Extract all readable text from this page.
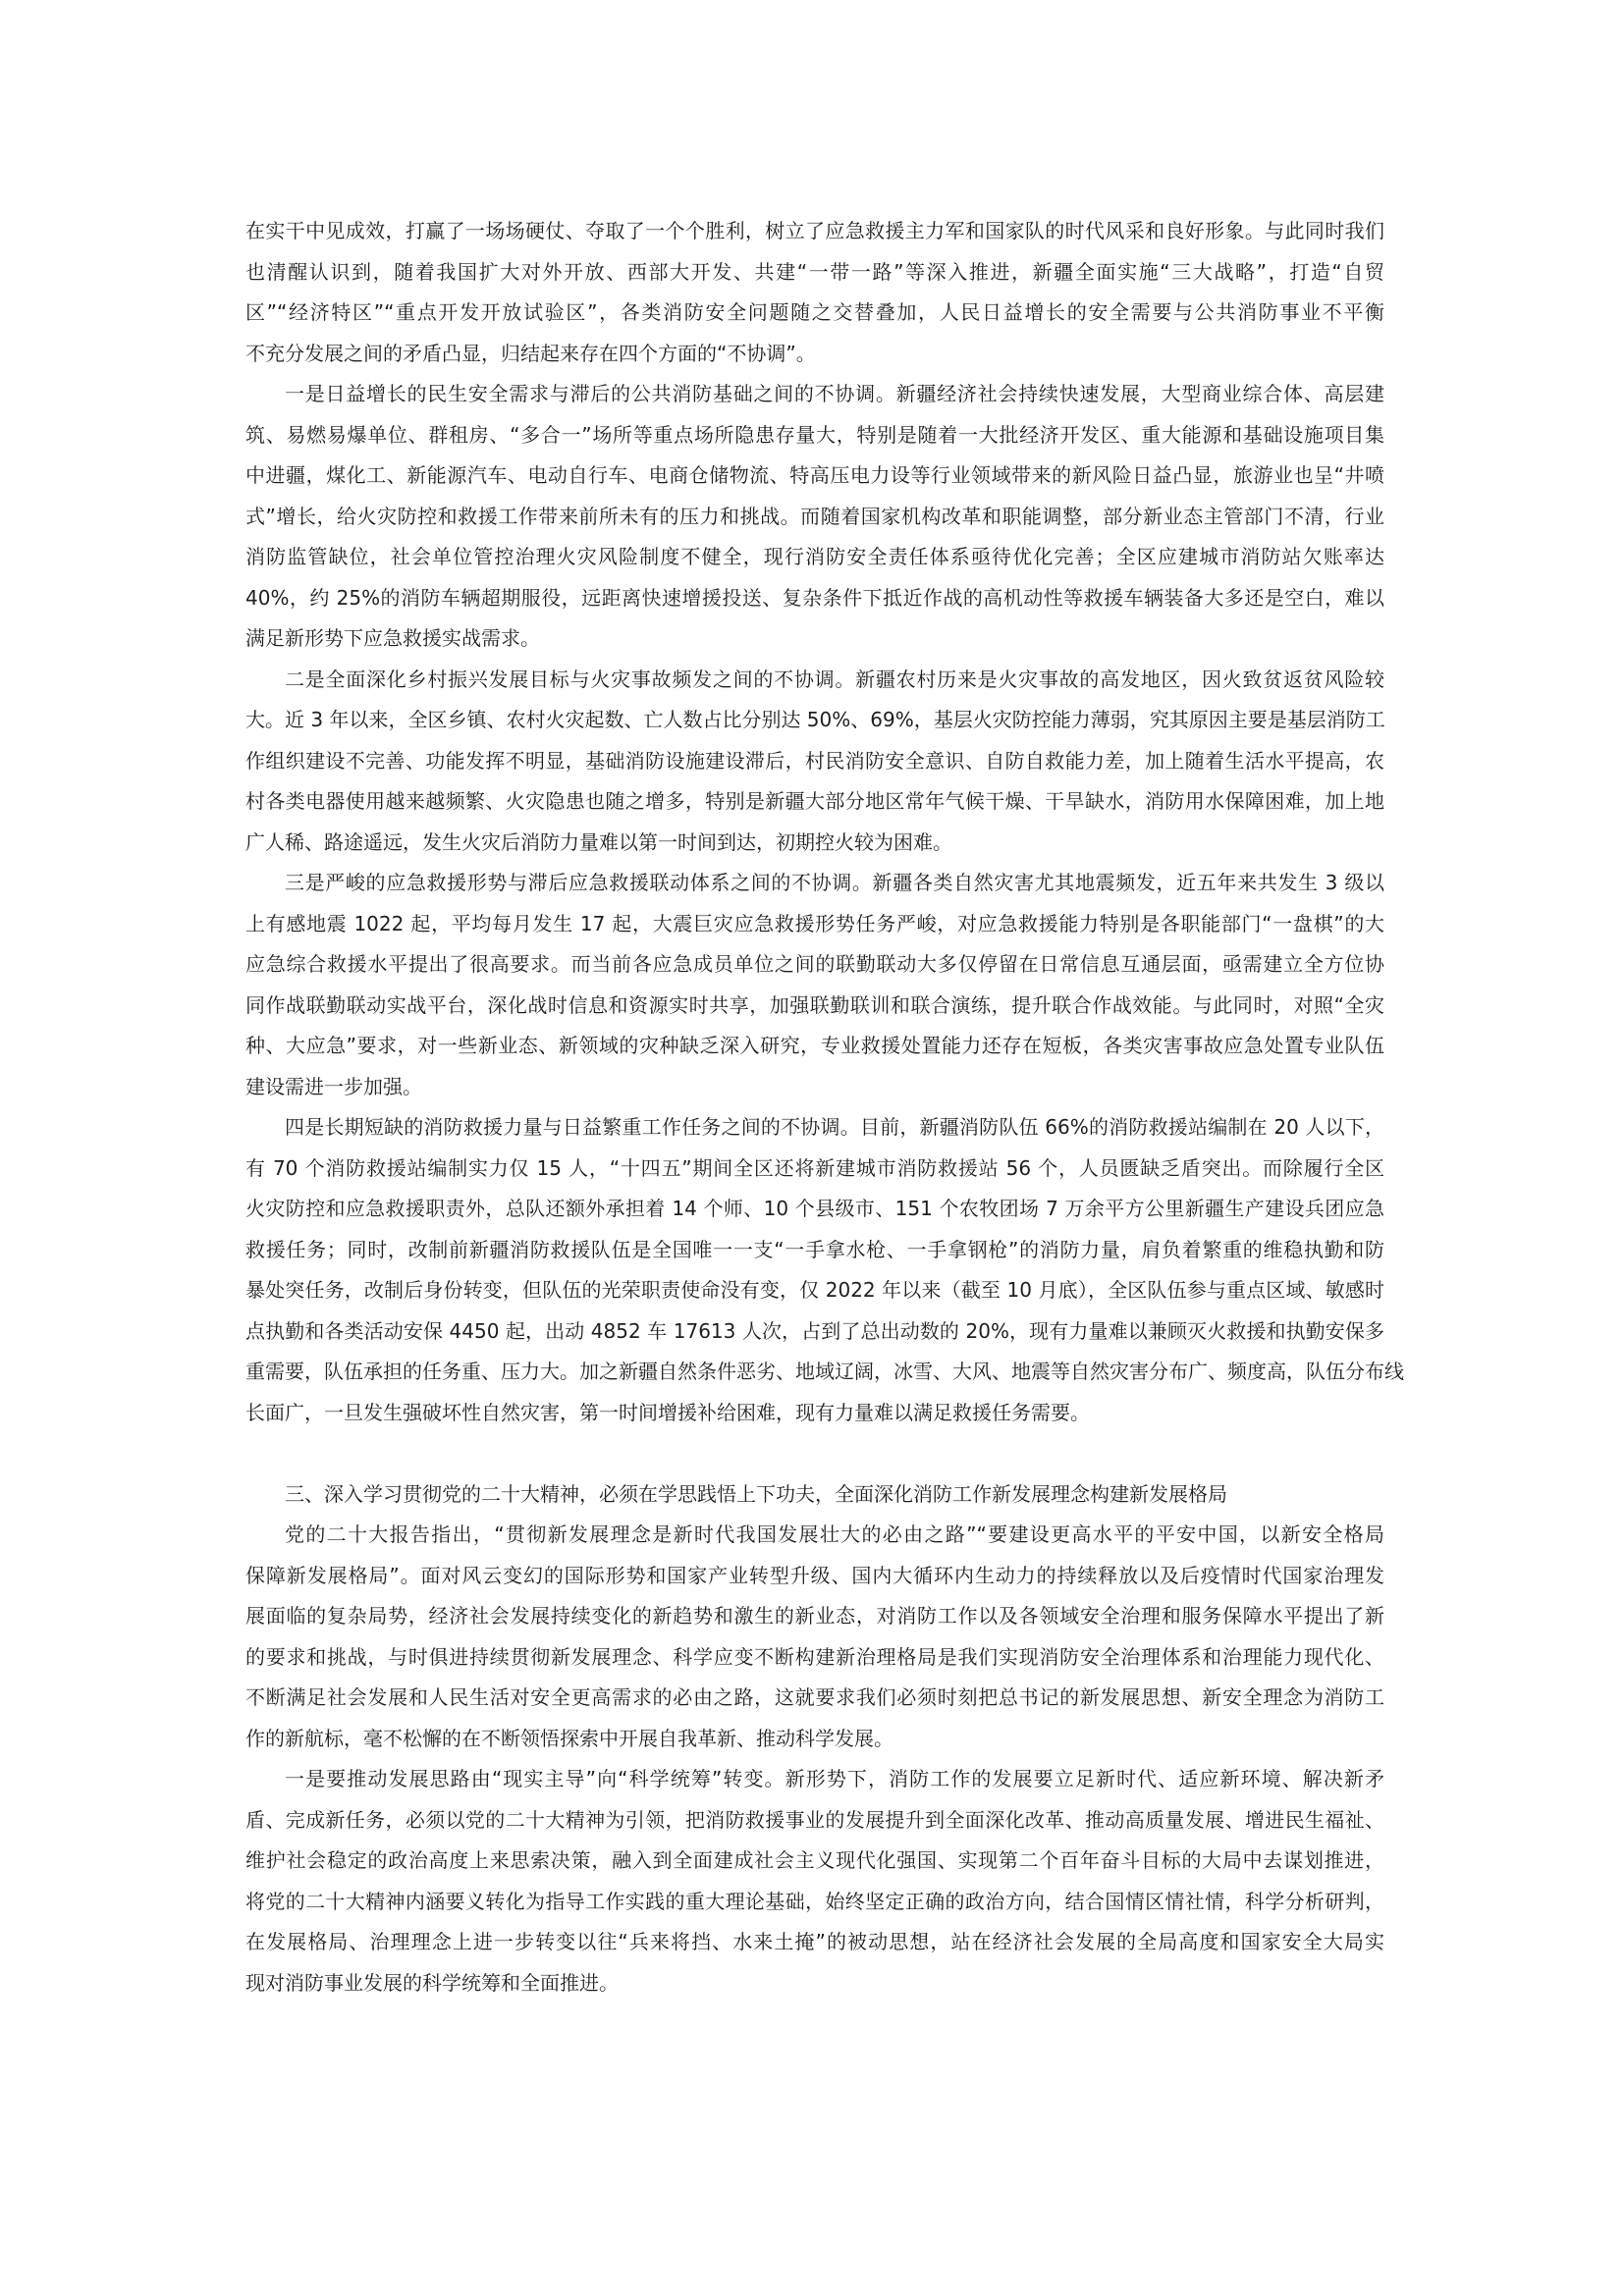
在实干中见成效，打赢了一场场硬仗、夺取了一个个胜利，树立了应急救援主力军和国家队的时代风采和良好形象。与此同时我们
也清醒认识到，随着我国扩大对外开放、西部大开发、共建“一带一路”等深入推进，新疆全面实施“三大战略”，打造“自贸
区”“经济特区”“重点开发开放试验区”，各类消防安全问题随之交替叠加，人民日益增长的安全需要与公共消防事业不平衡
不充分发展之间的矛盾凸显，归结起来存在四个方面的“不协调”。
一是日益增长的民生安全需求与滞后的公共消防基础之间的不协调。新疆经济社会持续快速发展，大型商业综合体、高层建
筑、易燃易爆单位、群租房、“多合一”场所等重点场所隐患存量大，特别是随着一大批经济开发区、重大能源和基础设施项目集
中进疆，煤化工、新能源汽车、电动自行车、电商仓储物流、特高压电力设等行业领域带来的新风险日益凸显，旅游业也呈“井喷
式”增长，给火灾防控和救援工作带来前所未有的压力和挑战。而随着国家机构改革和职能调整，部分新业态主管部门不清，行业
消防监管缺位，社会单位管控治理火灾风险制度不健全，现行消防安全责任体系亟待优化完善；全区应建城市消防站欠账率达
40%，约 25%的消防车辆超期服役，远距离快速增援投送、复杂条件下抵近作战的高机动性等救援车辆装备大多还是空白，难以
满足新形势下应急救援实战需求。
二是全面深化乡村振兴发展目标与火灾事故频发之间的不协调。新疆农村历来是火灾事故的高发地区，因火致贫返贫风险较
大。近 3 年以来，全区乡镇、农村火灾起数、亡人数占比分别达 50%、69%，基层火灾防控能力薄弱，究其原因主要是基层消防工
作组织建设不完善、功能发挥不明显，基础消防设施建设滞后，村民消防安全意识、自防自救能力差，加上随着生活水平提高，农
村各类电器使用越来越频繁、火灾隐患也随之增多，特别是新疆大部分地区常年气候干燥、干旱缺水，消防用水保障困难，加上地
广人稀、路途遥远，发生火灾后消防力量难以第一时间到达，初期控火较为困难。
三是严峻的应急救援形势与滞后应急救援联动体系之间的不协调。新疆各类自然灾害尤其地震频发，近五年来共发生 3 级以
上有感地震 1022 起，平均每月发生 17 起，大震巨灾应急救援形势任务严峻，对应急救援能力特别是各职能部门“一盘棋”的大
应急综合救援水平提出了很高要求。而当前各应急成员单位之间的联勤联动大多仅停留在日常信息互通层面，亟需建立全方位协
同作战联勤联动实战平台，深化战时信息和资源实时共享，加强联勤联训和联合演练，提升联合作战效能。与此同时，对照“全灾
种、大应急”要求，对一些新业态、新领域的灾种缺乏深入研究，专业救援处置能力还存在短板，各类灾害事故应急处置专业队伍
建设需进一步加强。
四是长期短缺的消防救援力量与日益繁重工作任务之间的不协调。目前，新疆消防队伍 66%的消防救援站编制在 20 人以下，
有 70 个消防救援站编制实力仅 15 人，“十四五”期间全区还将新建城市消防救援站 56 个，人员匮缺乏盾突出。而除履行全区
火灾防控和应急救援职责外，总队还额外承担着 14 个师、10 个县级市、151 个农牧团场 7 万余平方公里新疆生产建设兵团应急
救援任务；同时，改制前新疆消防救援队伍是全国唯一一支“一手拿水枪、一手拿钢枪”的消防力量，肩负着繁重的维稳执勤和防
暴处突任务，改制后身份转变，但队伍的光荣职责使命没有变，仅 2022 年以来（截至 10 月底），全区队伍参与重点区域、敏感时
点执勤和各类活动安保 4450 起，出动 4852 车 17613 人次，占到了总出动数的 20%，现有力量难以兼顾灭火救援和执勤安保多
重需要，队伍承担的任务重、压力大。加之新疆自然条件恶劣、地域辽阔，冰雪、大风、地震等自然灾害分布广、频度高，队伍分布线
长面广，一旦发生强破坏性自然灾害，第一时间增援补给困难，现有力量难以满足救援任务需要。
三、深入学习贯彻党的二十大精神，必须在学思践悟上下功夫，全面深化消防工作新发展理念构建新发展格局
党的二十大报告指出，“贯彻新发展理念是新时代我国发展壮大的必由之路”“要建设更高水平的平安中国，以新安全格局
保障新发展格局”。面对风云变幻的国际形势和国家产业转型升级、国内大循环内生动力的持续释放以及后疫情时代国家治理发
展面临的复杂局势，经济社会发展持续变化的新趋势和激生的新业态，对消防工作以及各领域安全治理和服务保障水平提出了新
的要求和挑战，与时俱进持续贯彻新发展理念、科学应变不断构建新治理格局是我们实现消防安全治理体系和治理能力现代化、
不断满足社会发展和人民生活对安全更高需求的必由之路，这就要求我们必须时刻把总书记的新发展思想、新安全理念为消防工
作的新航标，毫不松懈的在不断领悟探索中开展自我革新、推动科学发展。
一是要推动发展思路由“现实主导”向“科学统筹”转变。新形势下，消防工作的发展要立足新时代、适应新环境、解决新矛
盾、完成新任务，必须以党的二十大精神为引领，把消防救援事业的发展提升到全面深化改革、推动高质量发展、增进民生福祉、
维护社会稳定的政治高度上来思索决策，融入到全面建成社会主义现代化强国、实现第二个百年奋斗目标的大局中去谋划推进，
将党的二十大精神内涵要义转化为指导工作实践的重大理论基础，始终坚定正确的政治方向，结合国情区情社情，科学分析研判，
在发展格局、治理理念上进一步转变以往“兵来将挡、水来土掩”的被动思想，站在经济社会发展的全局高度和国家安全大局实
现对消防事业发展的科学统筹和全面推进。
